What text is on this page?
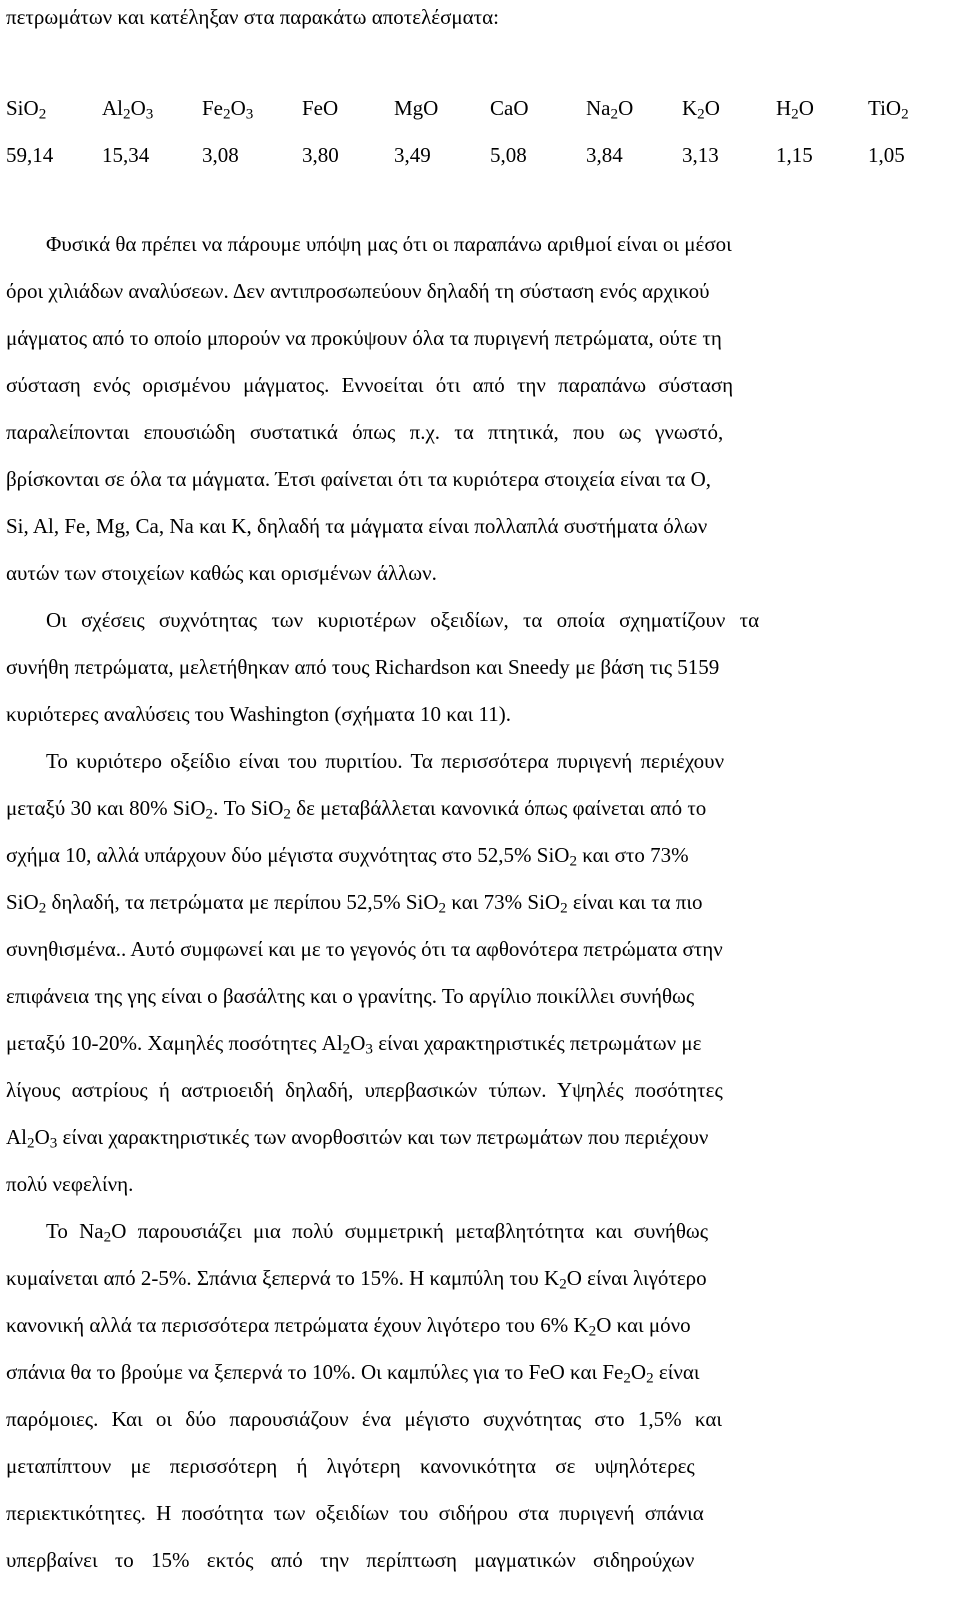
πετρωμάτων και κατέληξαν στα παρακάτω αποτελέσματα:
SiO$_2$	$Al_2O_3$ $Fe_2O_3$ FeO	MgO CaO	$Na_2O$ $K_2O$	$H_2O$	TiO$_2$
59,14 15,34	3,08	3,80	3,49	5,08	3,84	3,13	1,15	1,05
Φυσικά θα πρέπει να πάρουμε υπόψη μας ότι οι παραπάνω αριθμοί είναι οι μέσοι
όροι χιλιάδων αναλύσεων. Δεν αντιπροσωπεύουν δηλαδή τη σύσταση ενός αρχικού
μάγματος από το οποίο μπορούν να προκύψουν όλα τα πυριγενή πετρώματα, ούτε τη
σύσταση ενός ορισμένου μάγματος. Εννοείται ότι από την παραπάνω σύσταση
παραλείπονται επουσιώδη συστατικά όπως π.χ. τα πτητικά, που ως γνωστό,
βρίσκονται σε όλα τα μάγματα. Έτσι φαίνεται ότι τα κυριότερα στοιχεία είναι τα O,
Si, Al, Fe, Mg, Ca, Na και K, δηλαδή τα μάγματα είναι πολλαπλά συστήματα όλων
αυτών των στοιχείων καθώς και ορισμένων άλλων.
Οι σχέσεις συχνότητας των κυριοτέρων οξειδίων, τα οποία σχηματίζουν τα
συνήθη πετρώματα, μελετήθηκαν από τους Richardson και Sneedy με βάση τις 5159
κυριότερες αναλύσεις του Washington (σχήματα 10 και 11).
Το κυριότερο οξείδιο είναι του πυριτίου. Τα περισσότερα πυριγενή περιέχουν
μεταξύ 30 και 80% SiO$_2$. Το SiO$_2$ δε μεταβάλλεται κανονικά όπως φαίνεται από το
σχήμα 10, αλλά υπάρχουν δύο μέγιστα συχνότητας στο 52,5% SiO$_2$ και στο 73%
SiO$_2$ δηλαδή, τα πετρώματα με περίπου 52,5% SiO$_2$ και 73% SiO$_2$ είναι και τα πιο
συνηθισμένα.. Αυτό συμφωνεί και με το γεγονός ότι τα αφθονότερα πετρώματα στην
επιφάνεια της γης είναι ο βασάλτης και ο γρανίτης. Το αργίλιο ποικίλλει συνήθως
μεταξύ 10-20%. Χαμηλές ποσότητες $Al_2O_3$ είναι χαρακτηριστικές πετρωμάτων με
λίγους αστρίους ή αστριοειδή δηλαδή, υπερβασικών τύπων. Υψηλές ποσότητες
$Al_2O_3$ είναι χαρακτηριστικές των ανορθοσιτών και των πετρωμάτων που περιέχουν
πολύ νεφελίνη.
Το $Na_2O$ παρουσιάζει μια πολύ συμμετρική μεταβλητότητα και συνήθως
κυμαίνεται από 2-5%. Σπάνια ξεπερνά το 15%. Η καμπύλη του $K_2O$ είναι λιγότερο
κανονική αλλά τα περισσότερα πετρώματα έχουν λιγότερο του 6% $K_2O$ και μόνο
σπάνια θα το βρούμε να ξεπερνά το 10%. Οι καμπύλες για το FeO και $Fe_2O_2$ είναι
παρόμοιες. Και οι δύο παρουσιάζουν ένα μέγιστο συχνότητας στο 1,5% και
μεταπίπτουν με περισσότερη ή λιγότερη κανονικότητα σε υψηλότερες
περιεκτικότητες. Η ποσότητα των οξειδίων του σιδήρου στα πυριγενή σπάνια
υπερβαίνει το 15% εκτός από την περίπτωση μαγματικών σιδηρούχων
